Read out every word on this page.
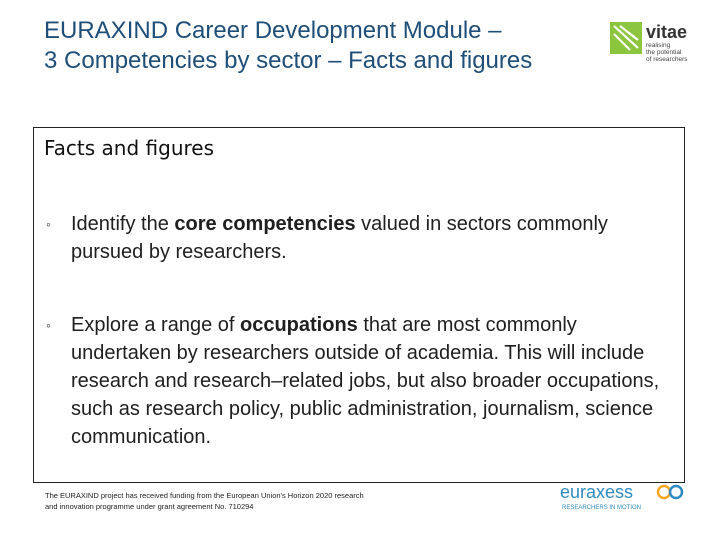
EURAXIND Career Development Module –
3 Competencies by sector – Facts and figures
vitae
realising
the potential
of researchers
Facts and figures
◦ Identify the core competencies valued in sectors commonly pursued by researchers.
◦ Explore a range of occupations that are most commonly undertaken by researchers outside of academia. This will include research and research–related jobs, but also broader occupations, such as research policy, public administration, journalism, science communication.
The EURAXIND project has received funding from the European Union's Horizon 2020 research
and innovation programme under grant agreement No. 710294
euraxess
RESEARCHERS IN MOTION
